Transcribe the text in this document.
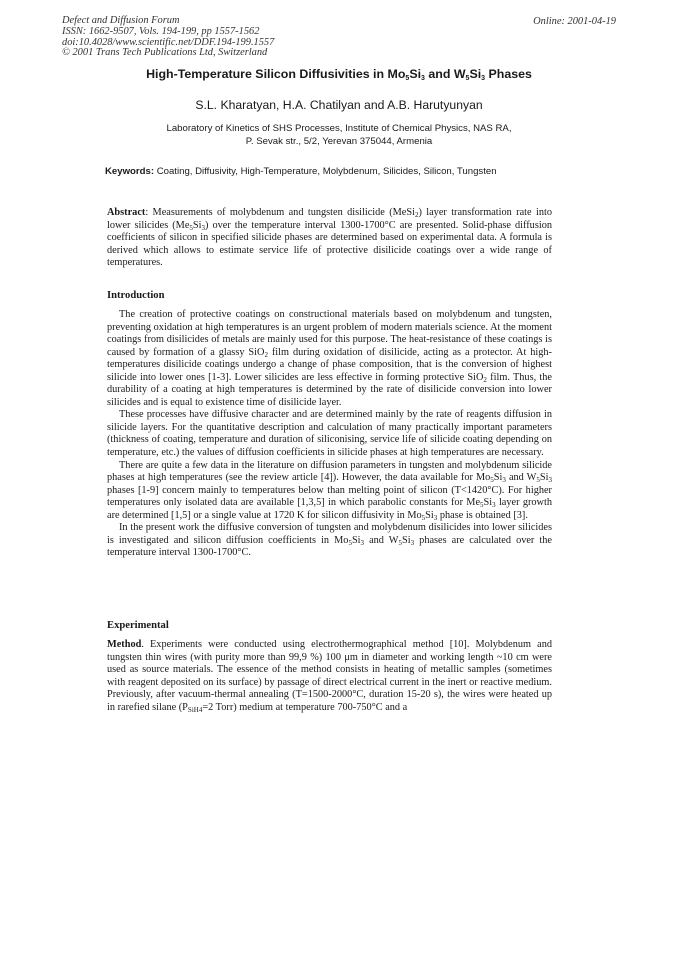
Defect and Diffusion Forum
ISSN: 1662-9507, Vols. 194-199, pp 1557-1562
doi:10.4028/www.scientific.net/DDF.194-199.1557
© 2001 Trans Tech Publications Ltd, Switzerland
Online: 2001-04-19
High-Temperature Silicon Diffusivities in $Mo_5Si_3$ and $W_5Si_3$ Phases
S.L. Kharatyan, H.A. Chatilyan and A.B. Harutyunyan
Laboratory of Kinetics of SHS Processes, Institute of Chemical Physics, NAS RA,
P. Sevak str., 5/2, Yerevan 375044, Armenia
Keywords: Coating, Diffusivity, High-Temperature, Molybdenum, Silicides, Silicon, Tungsten

Abstract: Measurements of molybdenum and tungsten disilicide (MeSi$_2$) layer transformation rate into lower silicides $(Me_5Si_3)$ over the temperature interval 1300-1700°C are presented. Solid-phase diffusion coefficients of silicon in specified silicide phases are determined based on experimental data. A formula is derived which allows to estimate service life of protective disilicide coatings over a wide range of temperatures.

Introduction

The creation of protective coatings on constructional materials based on molybdenum and tungsten, preventing oxidation at high temperatures is an urgent problem of modern materials science. At the moment coatings from disilicides of metals are mainly used for this purpose. The heat-resistance of these coatings is caused by formation of a glassy SiO$_2$ film during oxidation of disilicide, acting as a protector. At high-temperatures disilicide coatings undergo a change of phase composition, that is the conversion of highest silicide into lower ones [1-3]. Lower silicides are less effective in forming protective SiO$_2$ film. Thus, the durability of a coating at high temperatures is determined by the rate of disilicide conversion into lower silicides and is equal to existence time of disilicide layer.

These processes have diffusive character and are determined mainly by the rate of reagents diffusion in silicide layers. For the quantitative description and calculation of many practically important parameters (thickness of coating, temperature and duration of siliconising, service life of silicide coating depending on temperature, etc.) the values of diffusion coefficients in silicide phases at high temperatures are necessary.

There are quite a few data in the literature on diffusion parameters in tungsten and molybdenum silicide phases at high temperatures (see the review article [4]). However, the data available for $Mo_5Si_3$ and $W_5Si_3$ phases [1-9] concern mainly to temperatures below than melting point of silicon (T<1420°C). For higher temperatures only isolated data are available [1,3,5] in which parabolic constants for $Me_5Si_3$ layer growth are determined [1,5] or a single value at 1720 K for silicon diffusivity in $Mo_5Si_3$ phase is obtained [3].

In the present work the diffusive conversion of tungsten and molybdenum disilicides into lower silicides is investigated and silicon diffusion coefficients in $Mo_5Si_3$ and $W_5Si_3$ phases are calculated over the temperature interval 1300-1700°C.

Experimental

Method. Experiments were conducted using electrothermographical method [10]. Molybdenum and tungsten thin wires (with purity more than 99,9 %) 100 μm in diameter and working length ~10 cm were used as source materials. The essence of the method consists in heating of metallic samples (sometimes with reagent deposited on its surface) by passage of direct electrical current in the inert or reactive medium. Previously, after vacuum-thermal annealing (T=1500-2000°C, duration 15-20 s), the wires were heated up in rarefied silane ($P_{SiH4}=2$ Torr) medium at temperature 700-750°C and a
